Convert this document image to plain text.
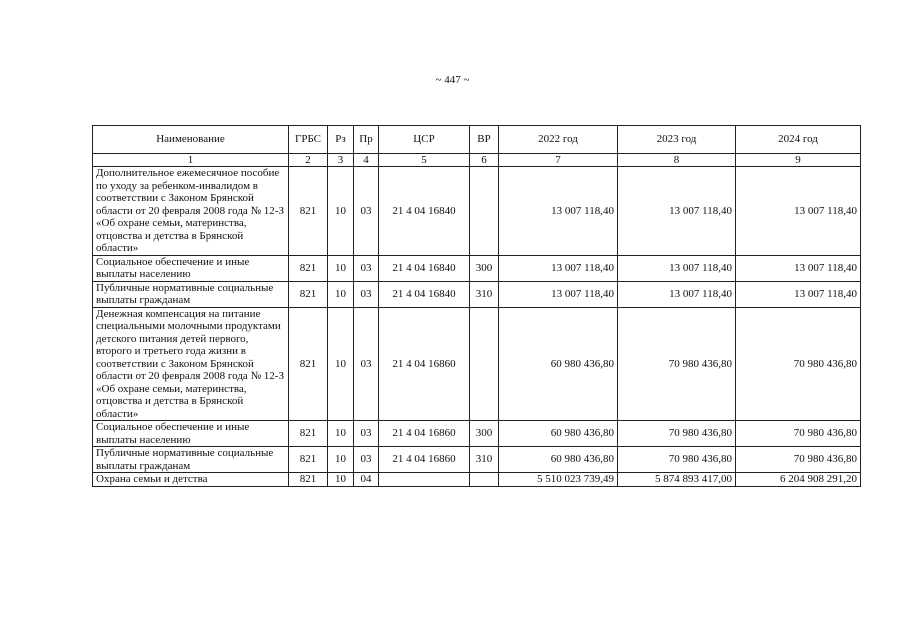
~ 447 ~
Наименование	ГРБС	Рз	Пр	ЦСР	ВР	2022 год	2023 год	2024 год
1	2	3	4	5	6	7	8	9
Дополнительное ежемесячное пособие по уходу за ребенком-инвалидом в соответствии с Законом Брянской области от 20 февраля 2008 года № 12-З «Об охране семьи, материнства, отцовства и детства в Брянской области»	821	10	03	21 4 04 16840		13 007 118,40	13 007 118,40	13 007 118,40
Социальное обеспечение и иные выплаты населению	821	10	03	21 4 04 16840	300	13 007 118,40	13 007 118,40	13 007 118,40
Публичные нормативные социальные выплаты гражданам	821	10	03	21 4 04 16840	310	13 007 118,40	13 007 118,40	13 007 118,40
Денежная компенсация на питание специальными молочными продуктами детского питания детей первого, второго и третьего года жизни в соответствии с Законом Брянской области от 20 февраля 2008 года № 12-З «Об охране семьи, материнства, отцовства и детства в Брянской области»	821	10	03	21 4 04 16860		60 980 436,80	70 980 436,80	70 980 436,80
Социальное обеспечение и иные выплаты населению	821	10	03	21 4 04 16860	300	60 980 436,80	70 980 436,80	70 980 436,80
Публичные нормативные социальные выплаты гражданам	821	10	03	21 4 04 16860	310	60 980 436,80	70 980 436,80	70 980 436,80
Охрана семьи и детства	821	10	04			5 510 023 739,49	5 874 893 417,00	6 204 908 291,20
